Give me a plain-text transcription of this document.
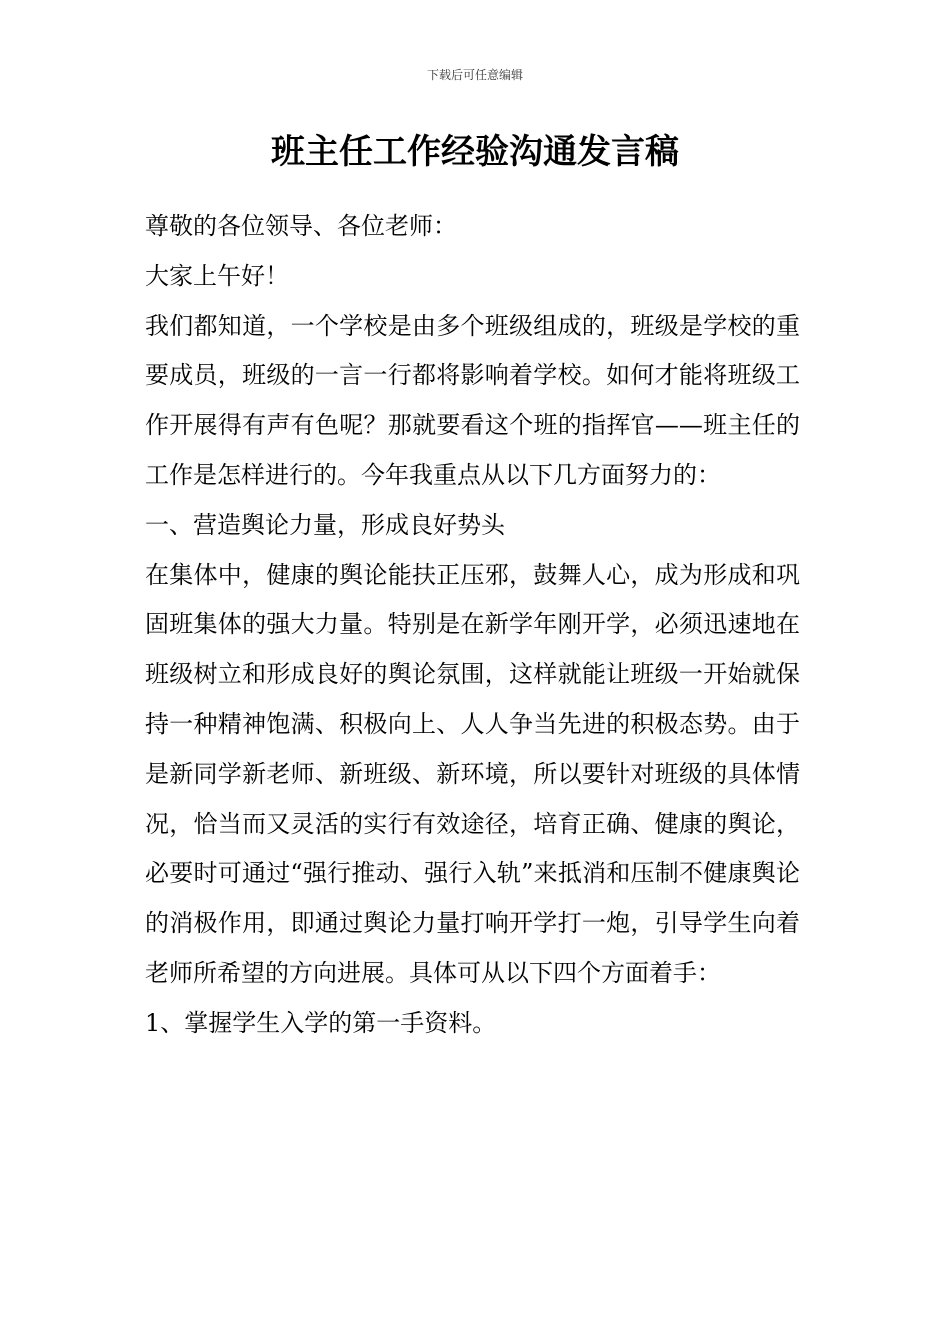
下载后可任意编辑
班主任工作经验沟通发言稿

尊敬的各位领导、各位老师：

大家上午好！

我们都知道，一个学校是由多个班级组成的，班级是学校的重要成员，班级的一言一行都将影响着学校。如何才能将班级工作开展得有声有色呢？那就要看这个班的指挥官——班主任的工作是怎样进行的。今年我重点从以下几方面努力的：

一、营造舆论力量，形成良好势头

在集体中，健康的舆论能扶正压邪，鼓舞人心，成为形成和巩固班集体的强大力量。特别是在新学年刚开学，必须迅速地在班级树立和形成良好的舆论氛围，这样就能让班级一开始就保持一种精神饱满、积极向上、人人争当先进的积极态势。由于是新同学新老师、新班级、新环境，所以要针对班级的具体情况，恰当而又灵活的实行有效途径，培育正确、健康的舆论，必要时可通过“强行推动、强行入轨”来抵消和压制不健康舆论的消极作用，即通过舆论力量打响开学打一炮，引导学生向着老师所希望的方向进展。具体可从以下四个方面着手：

1、掌握学生入学的第一手资料。
